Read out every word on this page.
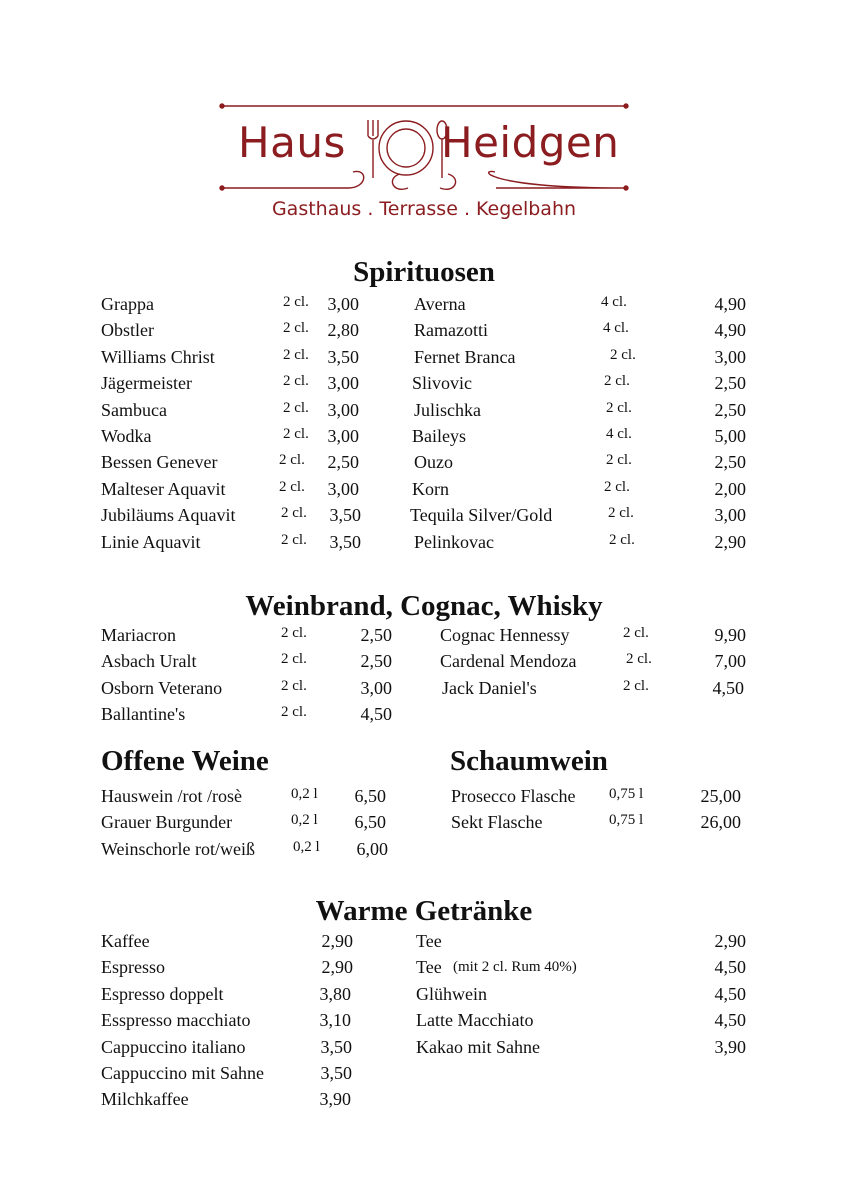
Haus Heidgen
Gasthaus . Terrasse . Kegelbahn
Spirituosen
Grappa	2 cl.	3,00
Obstler	2 cl.	2,80
Williams Christ	2 cl.	3,50
Jägermeister	2 cl.	3,00
Sambuca	2 cl.	3,00
Wodka	2 cl.	3,00
Bessen Genever	2 cl.	2,50
Malteser Aquavit	2 cl.	3,00
Jubiläums Aquavit	2 cl.	3,50
Linie Aquavit	2 cl.	3,50
Averna	4 cl.	4,90
Ramazotti	4 cl.	4,90
Fernet Branca	2 cl.	3,00
Slivovic	2 cl.	2,50
Julischka	2 cl.	2,50
Baileys	4 cl.	5,00
Ouzo	2 cl.	2,50
Korn	2 cl.	2,00
Tequila Silver/Gold	2 cl.	3,00
Pelinkovac	2 cl.	2,90
Weinbrand, Cognac, Whisky
Mariacron	2 cl.	2,50
Asbach Uralt	2 cl.	2,50
Osborn Veterano	2 cl.	3,00
Ballantine's	2 cl.	4,50
Cognac Hennessy	2 cl.	9,90
Cardenal Mendoza	2 cl.	7,00
Jack Daniel's	2 cl.	4,50
Offene Weine
Hauswein /rot /rosè	0,2 l	6,50
Grauer Burgunder	0,2 l	6,50
Weinschorle rot/weiß	0,2 l	6,00
Schaumwein
Prosecco Flasche 0,75 l	25,00
Sekt Flasche	0,75 l	26,00
Warme Getränke
Kaffee	2,90
Espresso	2,90
Espresso doppelt	3,80
Esspresso macchiato	3,10
Cappuccino italiano	3,50
Cappuccino mit Sahne	3,50
Milchkaffee	3,90
Tee	2,90
Tee (mit 2 cl. Rum 40%)	4,50
Glühwein	4,50
Latte Macchiato	4,50
Kakao mit Sahne	3,90
